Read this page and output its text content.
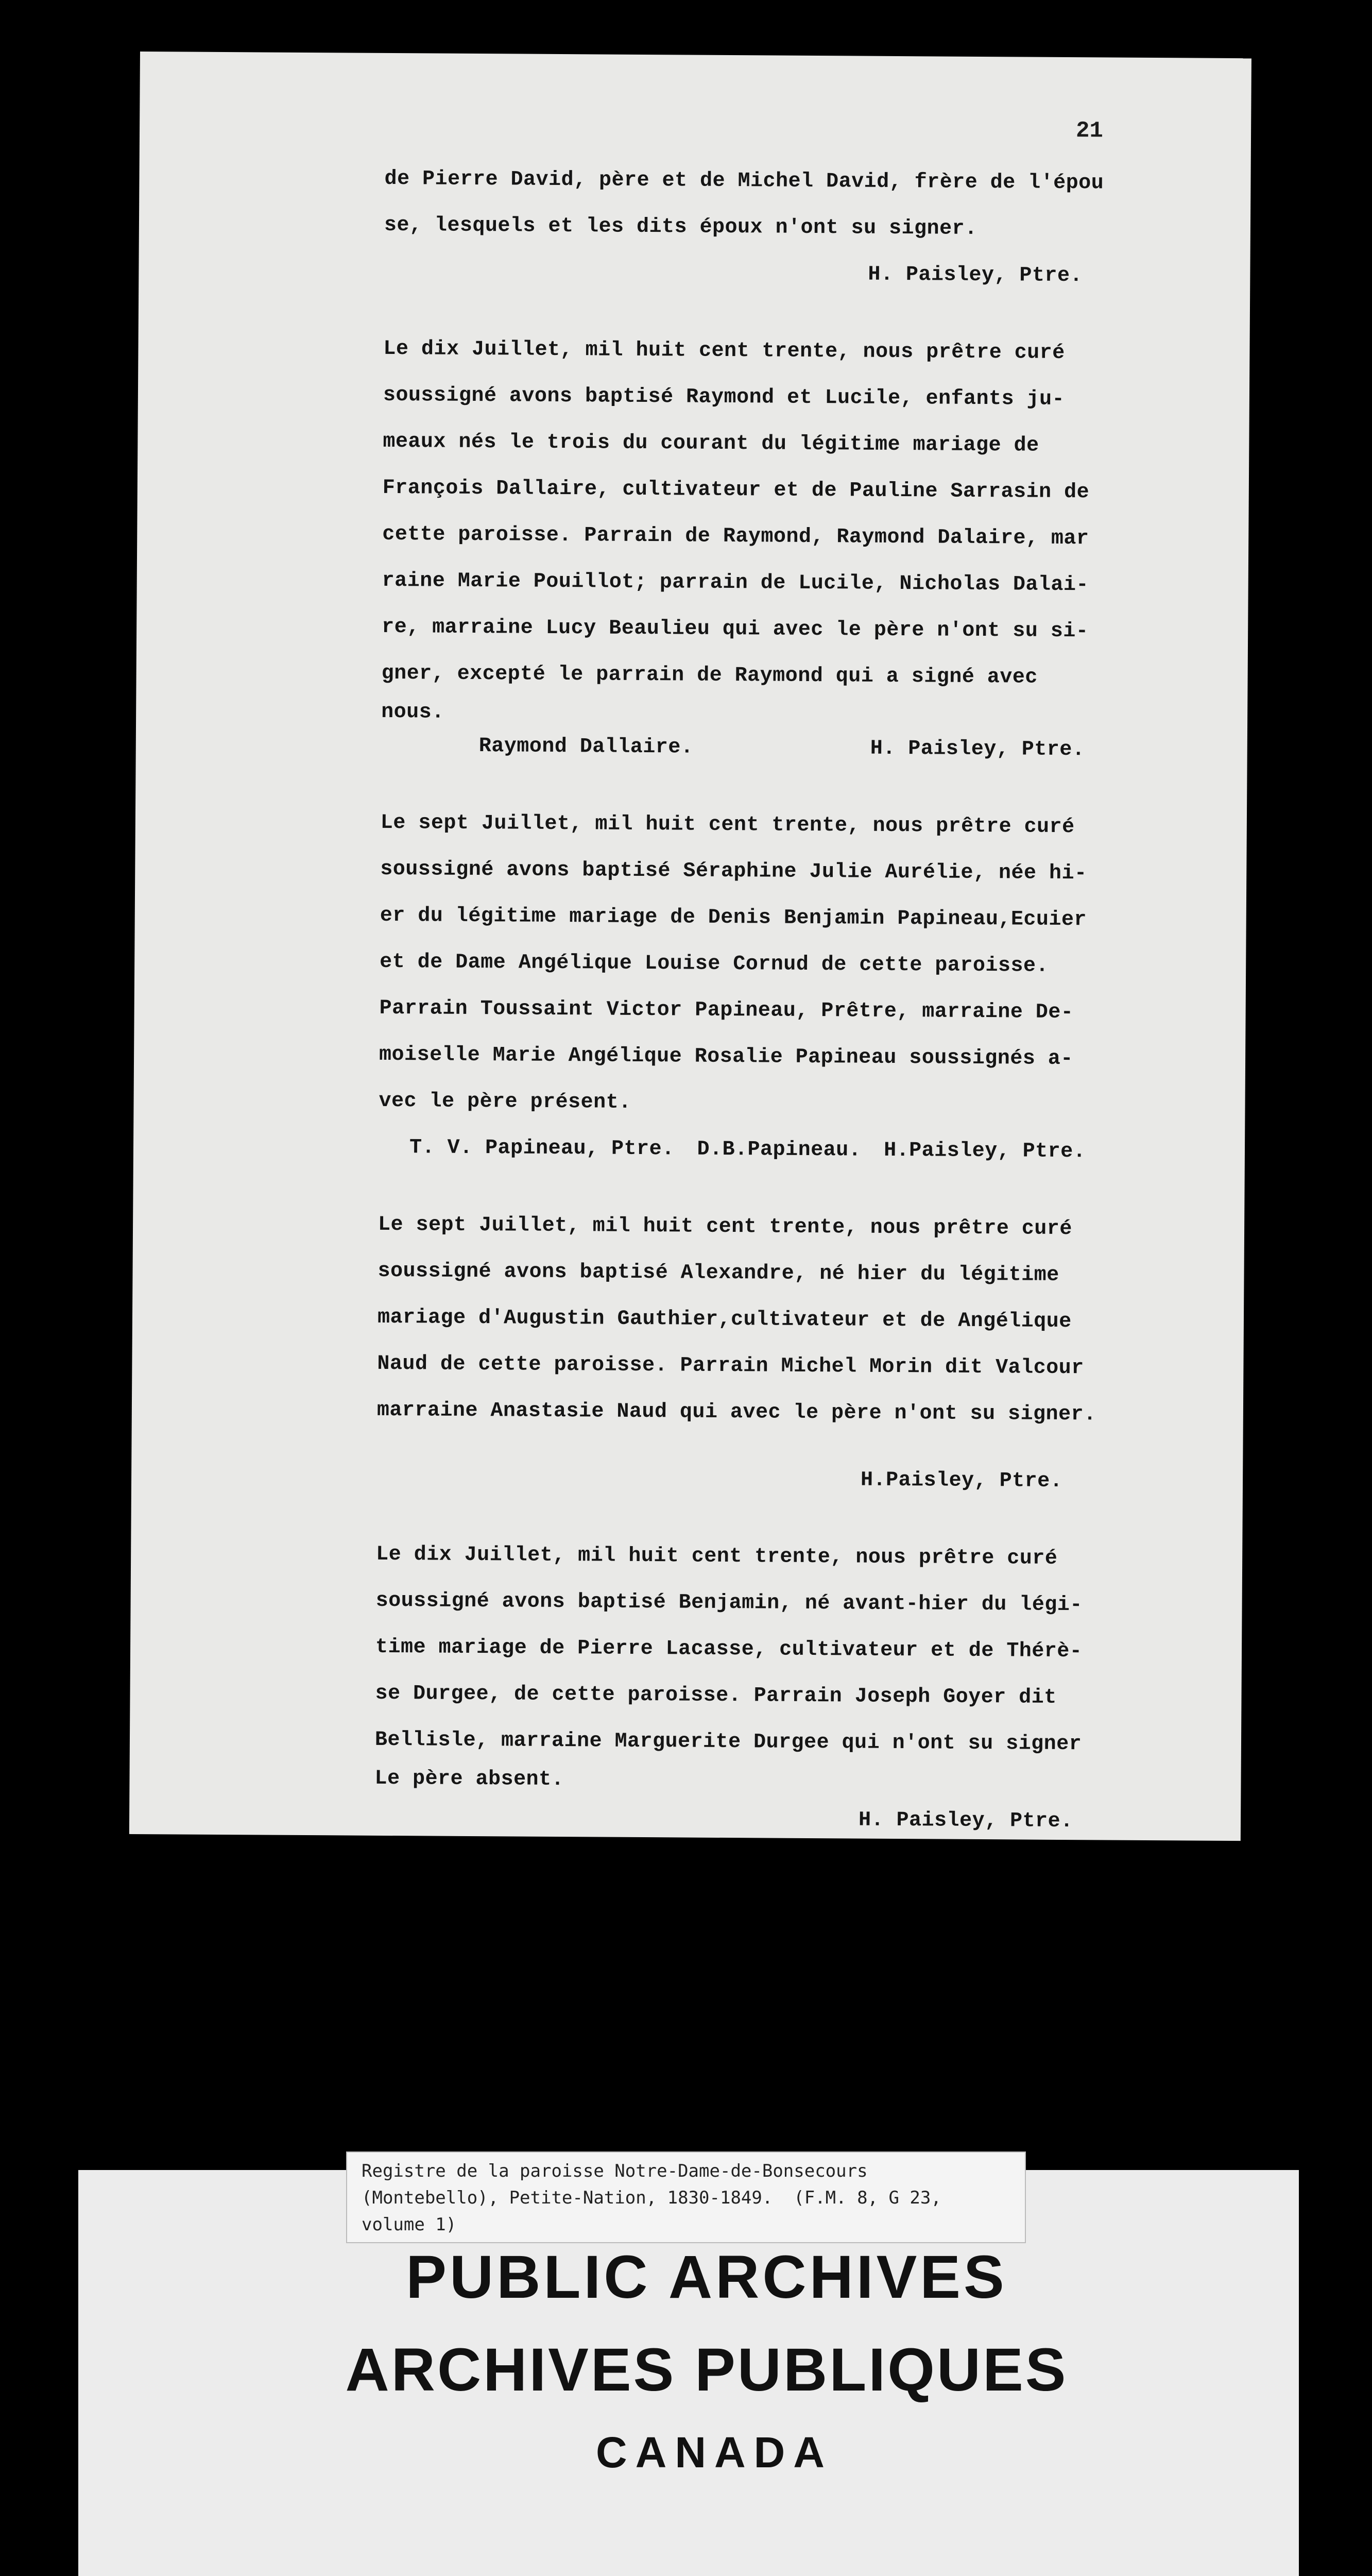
21
de Pierre David, père et de Michel David, frère de l'épou
se, lesquels et les dits époux n'ont su signer.
H. Paisley, Ptre.
Le dix Juillet, mil huit cent trente, nous prêtre curé
soussigné avons baptisé Raymond et Lucile, enfants ju-
meaux nés le trois du courant du légitime mariage de
François Dallaire, cultivateur et de Pauline Sarrasin de
cette paroisse. Parrain de Raymond, Raymond Dalaire, mar
raine Marie Pouillot; parrain de Lucile, Nicholas Dalai-
re, marraine Lucy Beaulieu qui avec le père n'ont su si-
gner, excepté le parrain de Raymond qui a signé avec
nous.
Raymond Dallaire.	H. Paisley, Ptre.
Le sept Juillet, mil huit cent trente, nous prêtre curé
soussigné avons baptisé Séraphine Julie Aurélie, née hi-
er du légitime mariage de Denis Benjamin Papineau,Ecuier
et de Dame Angélique Louise Cornud de cette paroisse.
Parrain Toussaint Victor Papineau, Prêtre, marraine De-
moiselle Marie Angélique Rosalie Papineau soussignés a-
vec le père présent.
T. V. Papineau, Ptre. D.B.Papineau. H.Paisley, Ptre.
Le sept Juillet, mil huit cent trente, nous prêtre curé
soussigné avons baptisé Alexandre, né hier du légitime
mariage d'Augustin Gauthier,cultivateur et de Angélique
Naud de cette paroisse. Parrain Michel Morin dit Valcour
marraine Anastasie Naud qui avec le père n'ont su signer.
H.Paisley, Ptre.
Le dix Juillet, mil huit cent trente, nous prêtre curé
soussigné avons baptisé Benjamin, né avant-hier du légi-
time mariage de Pierre Lacasse, cultivateur et de Thérè-
se Durgee, de cette paroisse. Parrain Joseph Goyer dit
Bellisle, marraine Marguerite Durgee qui n'ont su signer
Le père absent.
H. Paisley, Ptre.
Registre de la paroisse Notre-Dame-de-Bonsecours
(Montebello), Petite-Nation, 1830-1849.  (F.M. 8, G 23,
volume 1)
PUBLIC ARCHIVES
ARCHIVES PUBLIQUES
CANADA
